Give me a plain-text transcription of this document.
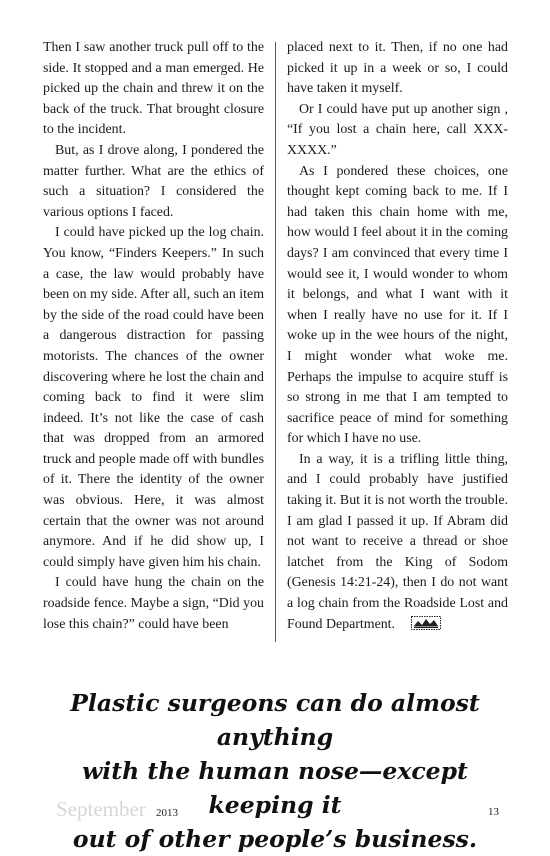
Then I saw another truck pull off to the side. It stopped and a man emerged. He picked up the chain and threw it on the back of the truck. That brought closure to the incident.

But, as I drove along, I pondered the matter further. What are the ethics of such a situation? I considered the various options I faced.

I could have picked up the log chain. You know, “Finders Keepers.” In such a case, the law would probably have been on my side. After all, such an item by the side of the road could have been a dangerous distraction for passing motorists. The chances of the owner discovering where he lost the chain and coming back to find it were slim indeed. It’s not like the case of cash that was dropped from an armored truck and people made off with bundles of it. There the identity of the owner was obvious. Here, it was almost certain that the owner was not around anymore. And if he did show up, I could simply have given him his chain.

I could have hung the chain on the roadside fence. Maybe a sign, “Did you lose this chain?” could have been

placed next to it. Then, if no one had picked it up in a week or so, I could have taken it myself.

Or I could have put up another sign , “If you lost a chain here, call XXX-XXXX.”

As I pondered these choices, one thought kept coming back to me. If I had taken this chain home with me, how would I feel about it in the coming days? I am convinced that every time I would see it, I would wonder to whom it belongs, and what I want with it when I really have no use for it. If I woke up in the wee hours of the night, I might wonder what woke me. Perhaps the impulse to acquire stuff is so strong in me that I am tempted to sacrifice peace of mind for something for which I have no use.

In a way, it is a trifling little thing, and I could probably have justified taking it. But it is not worth the trouble. I am glad I passed it up. If Abram did not want to receive a thread or shoe latchet from the King of Sodom (Genesis 14:21-24), then I do not want a log chain from the Roadside Lost and Found Department.

Plastic surgeons can do almost anything
with the human nose—except keeping it
out of other people’s business.
September 2013	13
